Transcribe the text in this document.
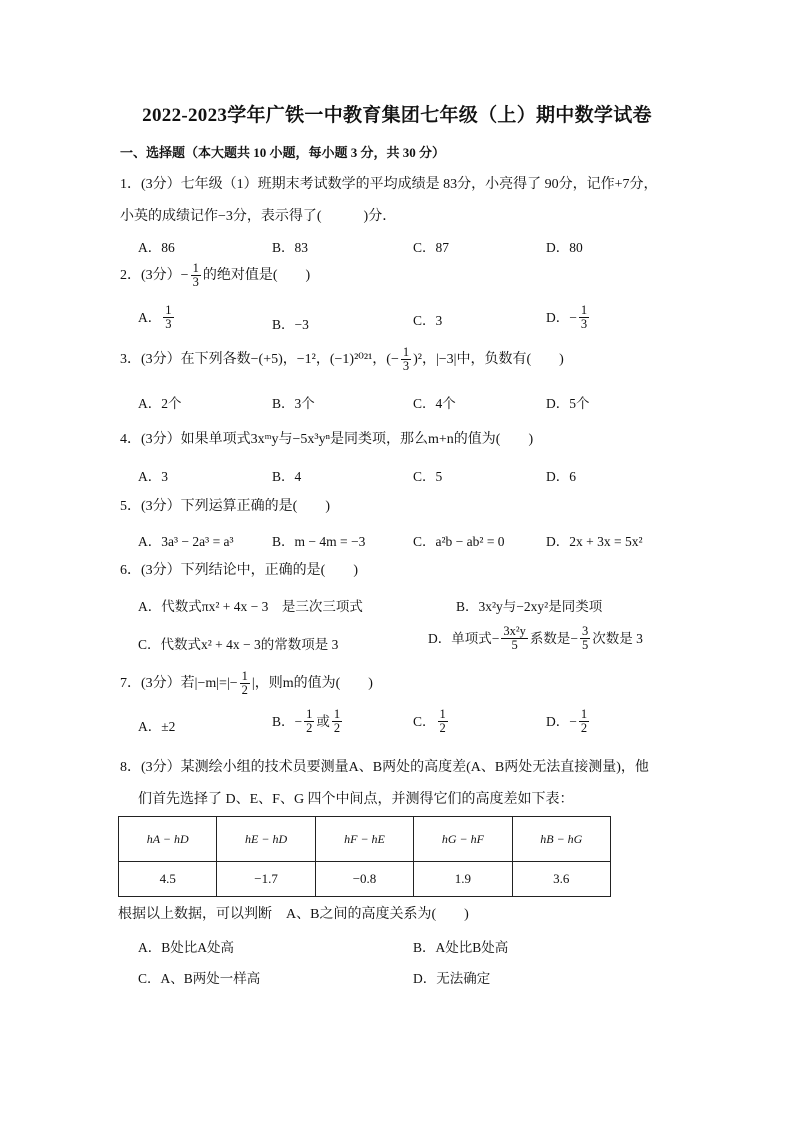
2022-2023学年广铁一中教育集团七年级（上）期中数学试卷
一、选择题（本大题共 10 小题，每小题 3 分，共 30 分）
1．(3分）七年级（1）班期末考试数学的平均成绩是 83分，小亮得了 90分，记作+7分，
小英的成绩记作−3分，表示得了(　　　)分．
A．86	B．83	C．87	D．80
2．(3分） − $\frac{1}{3}$ 的绝对值是(　　)
A． $\frac{1}{3}$	B．−3	C．3	D． − $\frac{1}{3}$
3．(3分）在下列各数−(+5)，−1²，(−1)²⁰²¹，(− $\frac{1}{3} )^2$，|−3|中，负数有(　　)
A．2个	B．3个	C．4个	D．5个
4．(3分）如果单项式3xᵐy与−5x³yⁿ是同类项，那么m+n的值为(　　)
A．3	B．4	C．5	D．6
5．(3分）下列运算正确的是(　　)
A．3a³ − 2a³ = a³	B．m − 4m = −3	C．a²b − ab² = 0	D．2x + 3x = 5x²
6．(3分）下列结论中，正确的是(　　)
A．代数式πx² + 4x − 3　是三次三项式	B．3x²y与−2xy²是同类项
C．代数式x² + 4x − 3的常数项是 3	D．单项式− $\frac{\text{3x²y}}{5}$ 系数是− $\frac{3}{5}$ 次数是 3
7．(3分）若$|-m|=|- \frac{1}{2}$ |，则m的值为(　　)
A．±2	B．− $\frac{1}{2}$ 或 $\frac{1}{2}$	C． $\frac{1}{2}$	D．− $\frac{1}{2}$
8．(3分）某测绘小组的技术员要测量A、B两处的高度差(A、B两处无法直接测量)，他
们首先选择了 D、E、F、G 四个中间点，并测得它们的高度差如下表：
hA − hD	hE − hD	hF − hE	hG − hF	hB − hG
4.5	−1.7	−0.8	1.9	3.6
根据以上数据，可以判断　A、B之间的高度关系为(　　)
A．B处比A处高	B．A处比B处高
C．A、B两处一样高	D．无法确定
